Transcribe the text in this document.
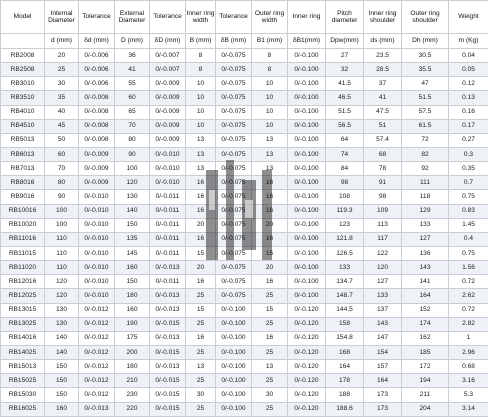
Model	Internal Diameter	Tolerance	External Diameter	Tolerance	Inner ring width	Tolerance	Outer ring width	Inner ring	Pitch diameter	Inner ring shoulder	Outer ring shoulder	Weight
	d (mm)	δd (mm)	D (mm)	δD (mm)	B (mm)	δB (mm)	B1 (mm)	δB1(mm)	Dpw(mm)	ds (mm)	Dh (mm)	m (Kg)
RB2008	20	0/-0.006	36	0/-0.007	8	0/-0.075	8	0/-0.100	27	23.5	30.5	0.04
RB2508	25	0/-0.006	41	0/-0.007	8	0/-0.075	8	0/-0.100	32	28.5	35.5	0.05
RB3010	30	0/-0.006	55	0/-0.009	10	0/-0.075	10	0/-0.100	41.5	37	47	0.12
RB3510	35	0/-0.008	60	0/-0.009	10	0/-0.075	10	0/-0.100	46.5	41	51.5	0.13
RB4010	40	0/-0.008	65	0/-0.009	10	0/-0.075	10	0/-0.100	51.5	47.5	57.5	0.16
RB4510	45	0/-0.008	70	0/-0.009	10	0/-0.075	10	0/-0.100	56.5	51	61.5	0.17
RB5013	50	0/-0.008	80	0/-0.009	13	0/-0.075	13	0/-0.100	64	57.4	72	0.27
RB6013	60	0/-0.009	90	0/-0.010	13	0/-0.075	13	0/-0.100	74	68	82	0.3
RB7013	70	0/-0.009	100	0/-0.010	13	0/-0.075	13	0/-0.100	84	78	92	0.35
RB8016	80	0/-0.009	120	0/-0.010	16	0/-0.075	16	0/-0.100	98	91	111	0.7
RB9016	90	0/-0.010	130	0/-0.011	16	0/-0.075	16	0/-0.100	108	98	118	0.75
RB10016	100	0/-0.010	140	0/-0.011	16	0/-0.075	16	0/-0.100	119.3	109	129	0.83
RB10020	100	0/-0.010	150	0/-0.011	20	0/-0.075	20	0/-0.100	123	113	133	1.45
RB11016	110	0/-0.010	135	0/-0.011	16	0/-0.075	16	0/-0.100	121.8	117	127	0.4
RB11015	110	0/-0.010	145	0/-0.011	15	0/-0.075	15	0/-0.100	126.5	122	136	0.75
RB11020	110	0/-0.010	160	0/-0.013	20	0/-0.075	20	0/-0.100	133	120	143	1.56
RB12016	120	0/-0.010	150	0/-0.011	16	0/-0.075	16	0/-0.100	134.7	127	141	0.72
RB12025	120	0/-0.010	180	0/-0.013	25	0/-0.075	25	0/-0.100	148.7	133	164	2.62
RB13015	130	0/-0.012	160	0/-0.013	15	0/-0.100	15	0/-0.120	144.5	137	152	0.72
RB13025	130	0/-0.012	190	0/-0.015	25	0/-0.100	25	0/-0.120	158	143	174	2.82
RB14016	140	0/-0.012	175	0/-0.013	16	0/-0.100	16	0/-0.120	154.8	147	162	1
RB14025	140	0/-0.012	200	0/-0.015	25	0/-0.100	25	0/-0.120	168	154	185	2.96
RB15013	150	0/-0.012	180	0/-0.013	13	0/-0.100	13	0/-0.120	164	157	172	0.68
RB15025	150	0/-0.012	210	0/-0.015	25	0/-0.100	25	0/-0.120	178	164	194	3.16
RB15030	150	0/-0.012	230	0/-0.015	30	0/-0.100	30	0/-0.120	188	173	211	5.3
RB16025	160	0/-0.013	220	0/-0.015	25	0/-0.100	25	0/-0.120	188.6	173	204	3.14
